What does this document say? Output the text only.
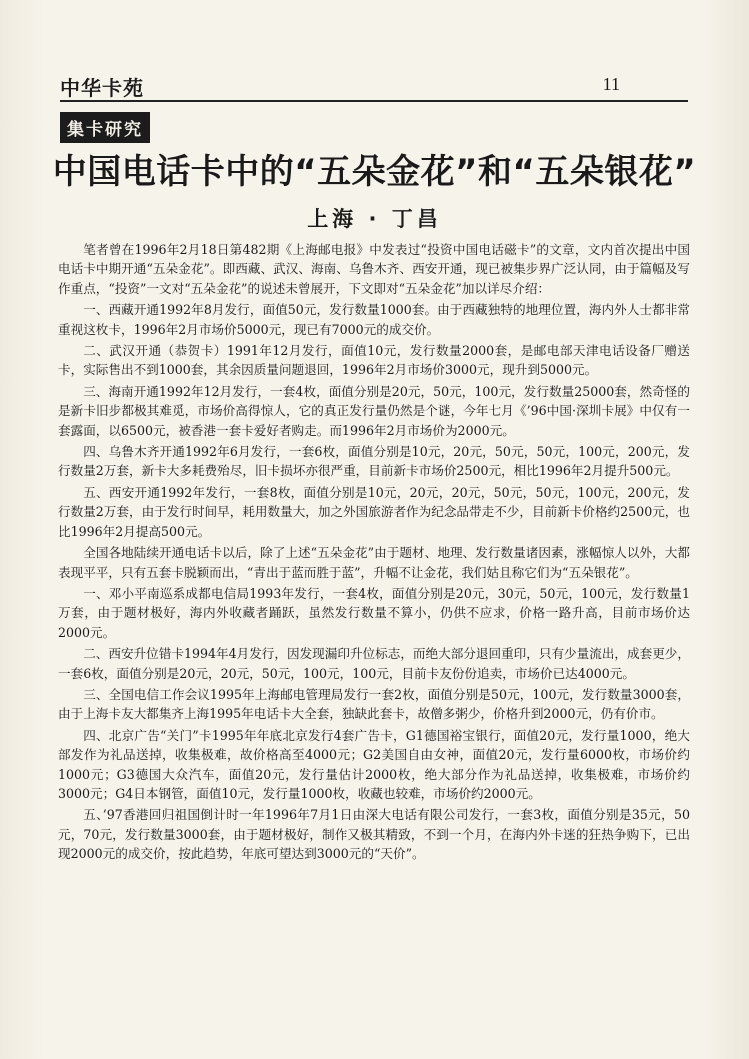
中华卡苑	11
集卡研究
中国电话卡中的“五朵金花”和“五朵银花”
上海 · 丁昌

笔者曾在1996年2月18日第482期《上海邮电报》中发表过“投资中国电话磁卡”的文章，文内首次提出中国电话卡中期开通“五朵金花”。即西藏、武汉、海南、乌鲁木齐、西安开通，现已被集步界广泛认同，由于篇幅及写作重点，“投资”一文对“五朵金花”的说述未曾展开，下文即对“五朵金花”加以详尽介绍：

一、西藏开通1992年8月发行，面值50元，发行数量1000套。由于西藏独特的地理位置，海内外人士都非常重视这枚卡，1996年2月市场价5000元，现已有7000元的成交价。

二、武汉开通（恭贺卡）1991年12月发行，面值10元，发行数量2000套，是邮电部天津电话设备厂赠送卡，实际售出不到1000套，其余因质量问题退回，1996年2月市场价3000元，现升到5000元。

三、海南开通1992年12月发行，一套4枚，面值分别是20元，50元，100元，发行数量25000套，然奇怪的是新卡旧步都极其难觅，市场价高得惊人，它的真正发行量仍然是个谜，今年七月《’96中国·深圳卡展》中仅有一套露面，以6500元，被香港一套卡爱好者购走。而1996年2月市场价为2000元。

四、乌鲁木齐开通1992年6月发行，一套6枚，面值分别是10元，20元，50元，50元，100元，200元，发行数量2万套，新卡大多耗费殆尽，旧卡损坏亦很严重，目前新卡市场价2500元，相比1996年2月提升500元。

五、西安开通1992年发行，一套8枚，面值分别是10元，20元，20元，50元，50元，100元，200元，发行数量2万套，由于发行时间早，耗用数量大，加之外国旅游者作为纪念品带走不少，目前新卡价格约2500元，也比1996年2月提高500元。

全国各地陆续开通电话卡以后，除了上述“五朵金花”由于题材、地理、发行数量诸因素，涨幅惊人以外，大都表现平平，只有五套卡脱颖而出，“青出于蓝而胜于蓝”，升幅不让金花，我们姑且称它们为“五朵银花”。

一、邓小平南巡系成都电信局1993年发行，一套4枚，面值分别是20元，30元，50元，100元，发行数量1万套，由于题材极好，海内外收藏者踊跃，虽然发行数量不算小，仍供不应求，价格一路升高，目前市场价达2000元。

二、西安升位错卡1994年4月发行，因发现漏印升位标志，而绝大部分退回重印，只有少量流出，成套更少，一套6枚，面值分别是20元，20元，50元，100元，100元，目前卡友份份追卖，市场价已达4000元。

三、全国电信工作会议1995年上海邮电管理局发行一套2枚，面值分别是50元，100元，发行数量3000套，由于上海卡友大都集齐上海1995年电话卡大全套，独缺此套卡，故僧多粥少，价格升到2000元，仍有价市。

四、北京广告“关门”卡1995年年底北京发行4套广告卡，G1德国裕宝银行，面值20元，发行量1000，绝大部发作为礼品送掉，收集极难，故价格高至4000元；G2美国自由女神，面值20元，发行量6000枚，市场价约1000元；G3德国大众汽车，面值20元，发行量估计2000枚，绝大部分作为礼品送掉，收集极难，市场价约3000元；G4日本钢管，面值10元，发行量1000枚，收藏也较难，市场价约2000元。

五、’97香港回归祖国倒计时一年1996年7月1日由深大电话有限公司发行，一套3枚，面值分别是35元，50元，70元，发行数量3000套，由于题材极好，制作又极其精致，不到一个月，在海内外卡迷的狂热争购下，已出现2000元的成交价，按此趋势，年底可望达到3000元的“天价”。
